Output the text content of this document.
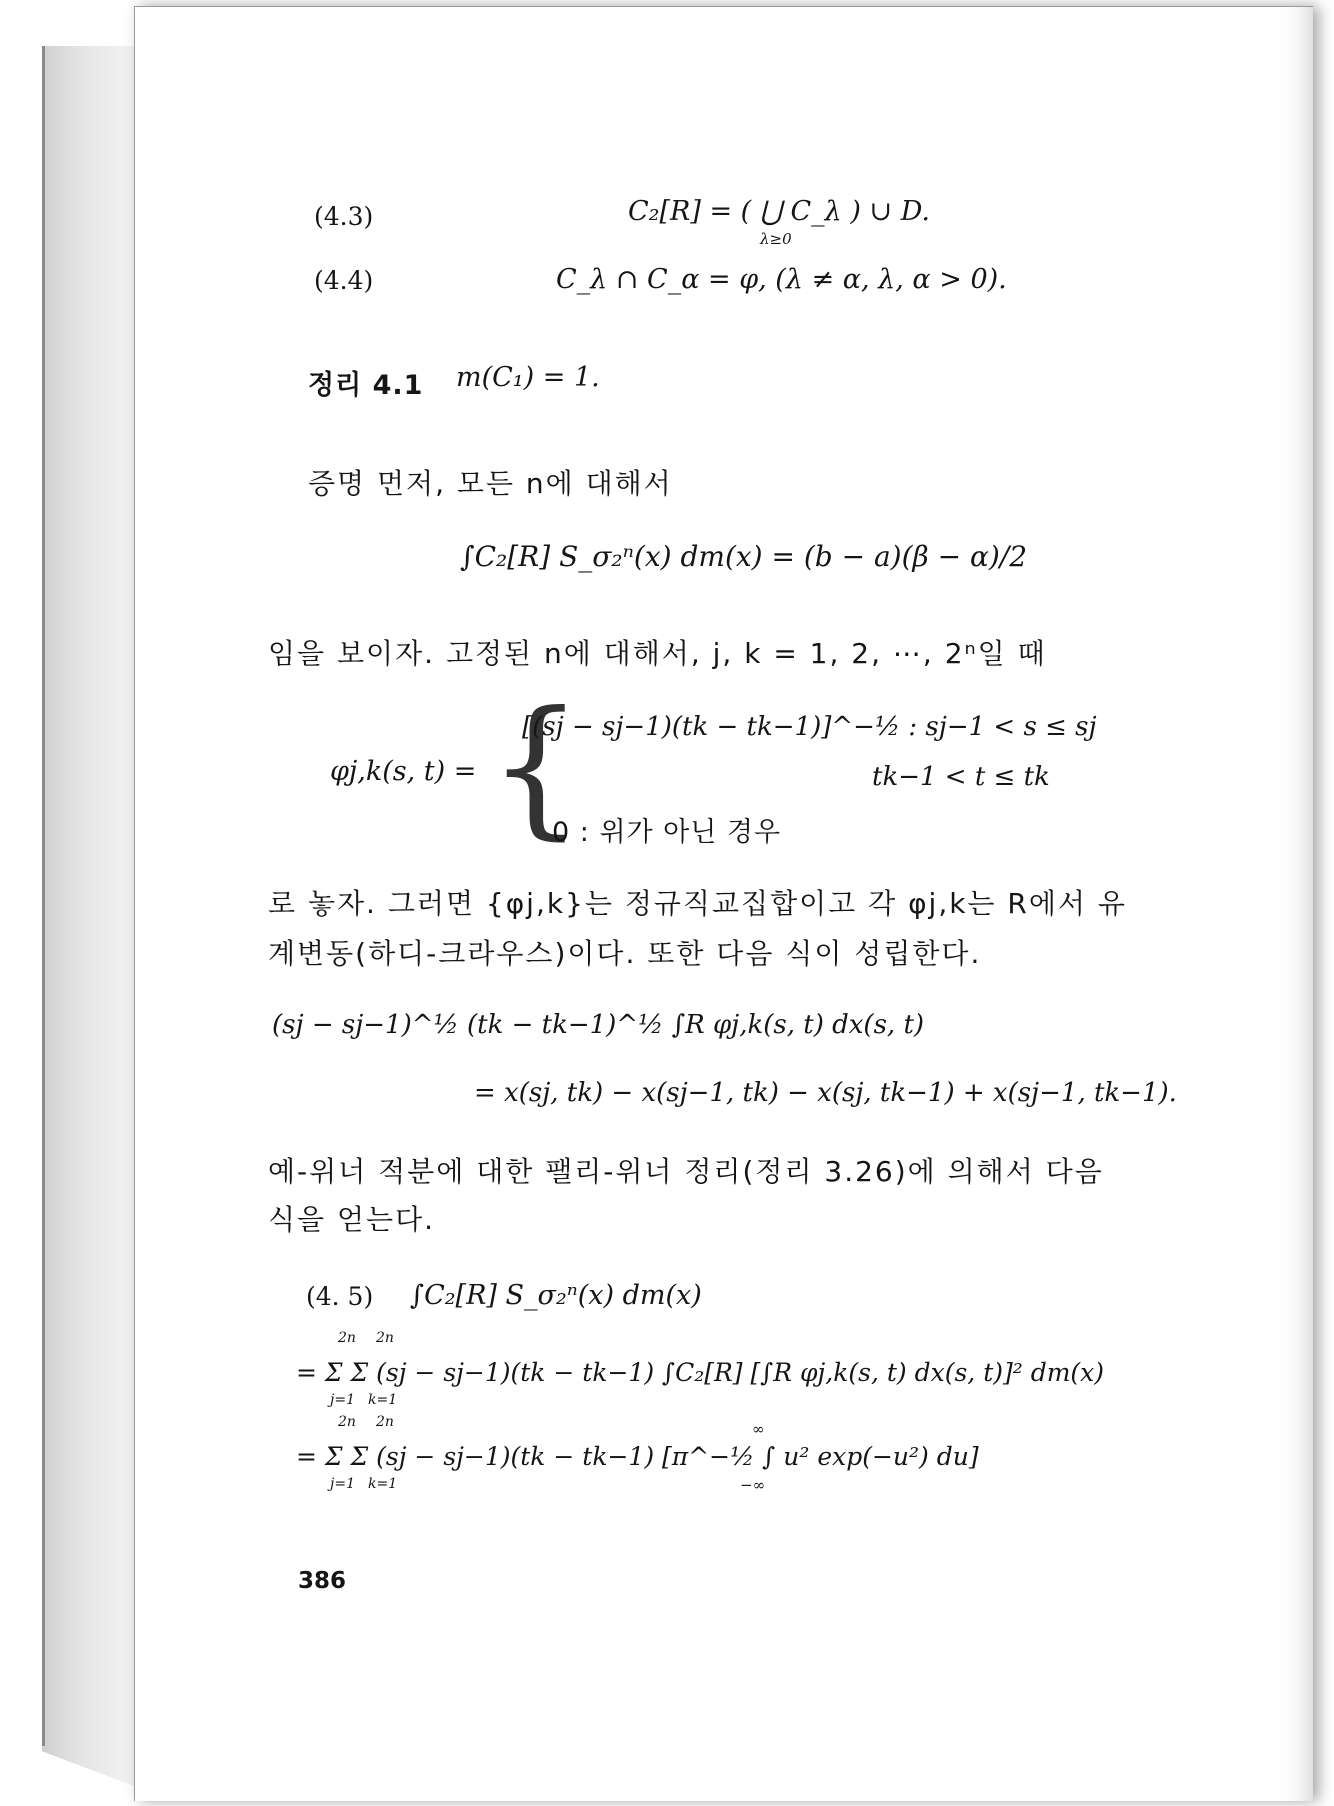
(4.3)	C₂[R] = ( ⋃ C_λ ) ∪ D.
λ≥0
(4.4)	C_λ ∩ C_α = φ, (λ ≠ α, λ, α > 0).
정리 4.1 m(C₁) = 1.
증명 먼저, 모든 n에 대해서
∫C₂[R] S_σ₂ⁿ(x) dm(x) = (b − a)(β − α)/2
임을 보이자. 고정된 n에 대해서, j, k = 1, 2, ⋯, 2ⁿ일 때
φj,k(s, t) = {
[(sj − sj−1)(tk − tk−1)]^−½ : sj−1 < s ≤ sj
tk−1 < t ≤ tk
0 : 위가 아닌 경우
로 놓자. 그러면 {φj,k}는 정규직교집합이고 각 φj,k는 R에서 유
계변동(하디-크라우스)이다. 또한 다음 식이 성립한다.
(sj − sj−1)^½ (tk − tk−1)^½ ∫R φj,k(s, t) dx(s, t)
= x(sj, tk) − x(sj−1, tk) − x(sj, tk−1) + x(sj−1, tk−1).
예-위너 적분에 대한 팰리-위너 정리(정리 3.26)에 의해서 다음
식을 얻는다.
(4. 5) ∫C₂[R] S_σ₂ⁿ(x) dm(x)
2n 2n
= Σ Σ (sj − sj−1)(tk − tk−1) ∫C₂[R] [∫R φj,k(s, t) dx(s, t)]² dm(x)
j=1 k=1
2n 2n
= Σ Σ (sj − sj−1)(tk − tk−1) [π^−½ ∫ u² exp(−u²) du]
j=1 k=1
∞
−∞
386
